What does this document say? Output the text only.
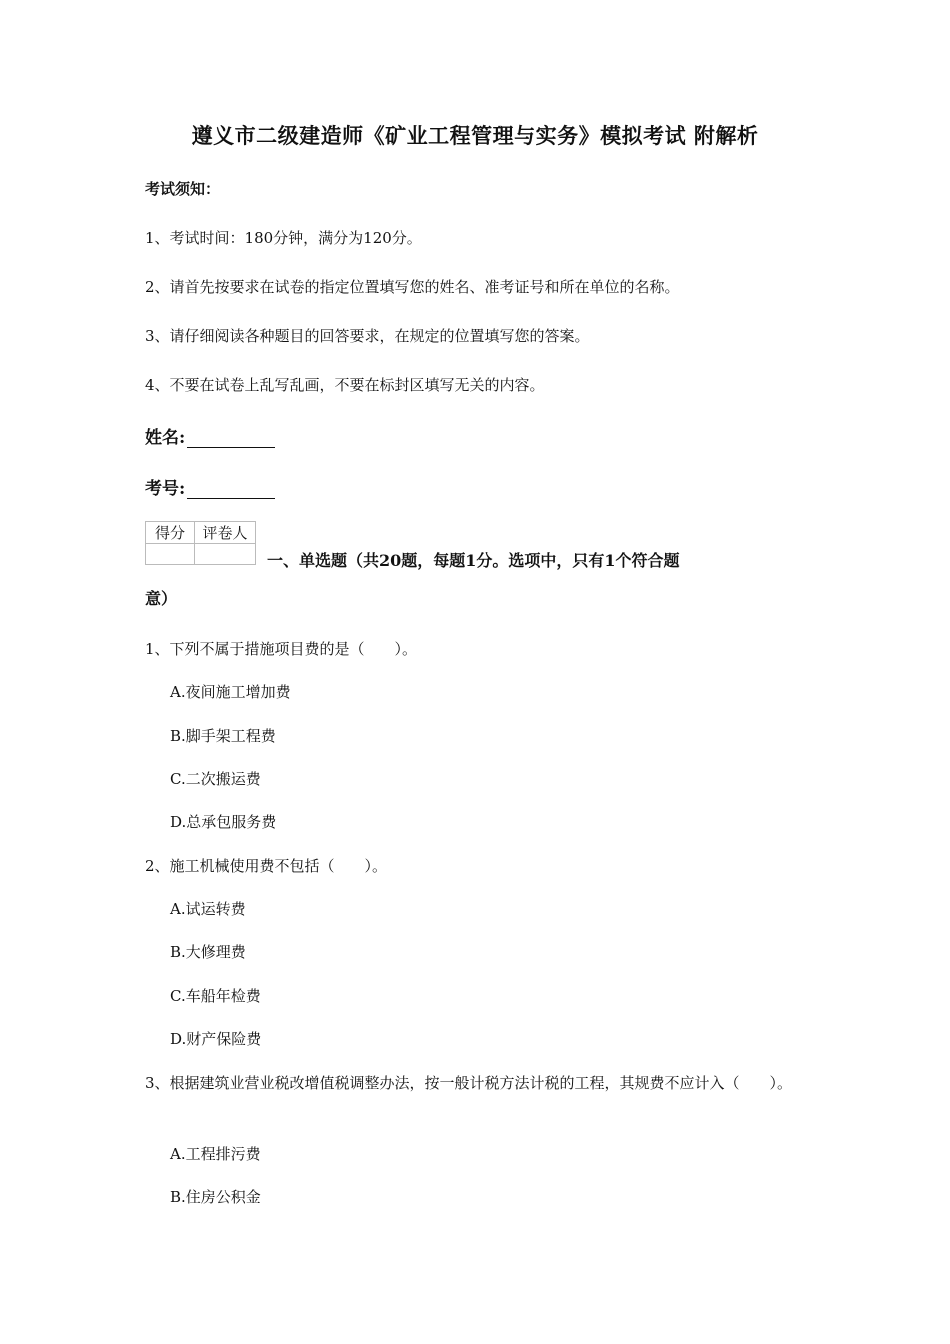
遵义市二级建造师《矿业工程管理与实务》模拟考试 附解析
考试须知：
1、考试时间：180分钟，满分为120分。
2、请首先按要求在试卷的指定位置填写您的姓名、准考证号和所在单位的名称。
3、请仔细阅读各种题目的回答要求，在规定的位置填写您的答案。
4、不要在试卷上乱写乱画，不要在标封区填写无关的内容。
姓名:
考号:
得分	评卷人

一、单选题（共20题，每题1分。选项中，只有1个符合题
意）
1、下列不属于措施项目费的是（　　）。
A.夜间施工增加费
B.脚手架工程费
C.二次搬运费
D.总承包服务费
2、施工机械使用费不包括（　　）。
A.试运转费
B.大修理费
C.车船年检费
D.财产保险费
3、根据建筑业营业税改增值税调整办法，按一般计税方法计税的工程，其规费不应计入（　　）。
A.工程排污费
B.住房公积金
